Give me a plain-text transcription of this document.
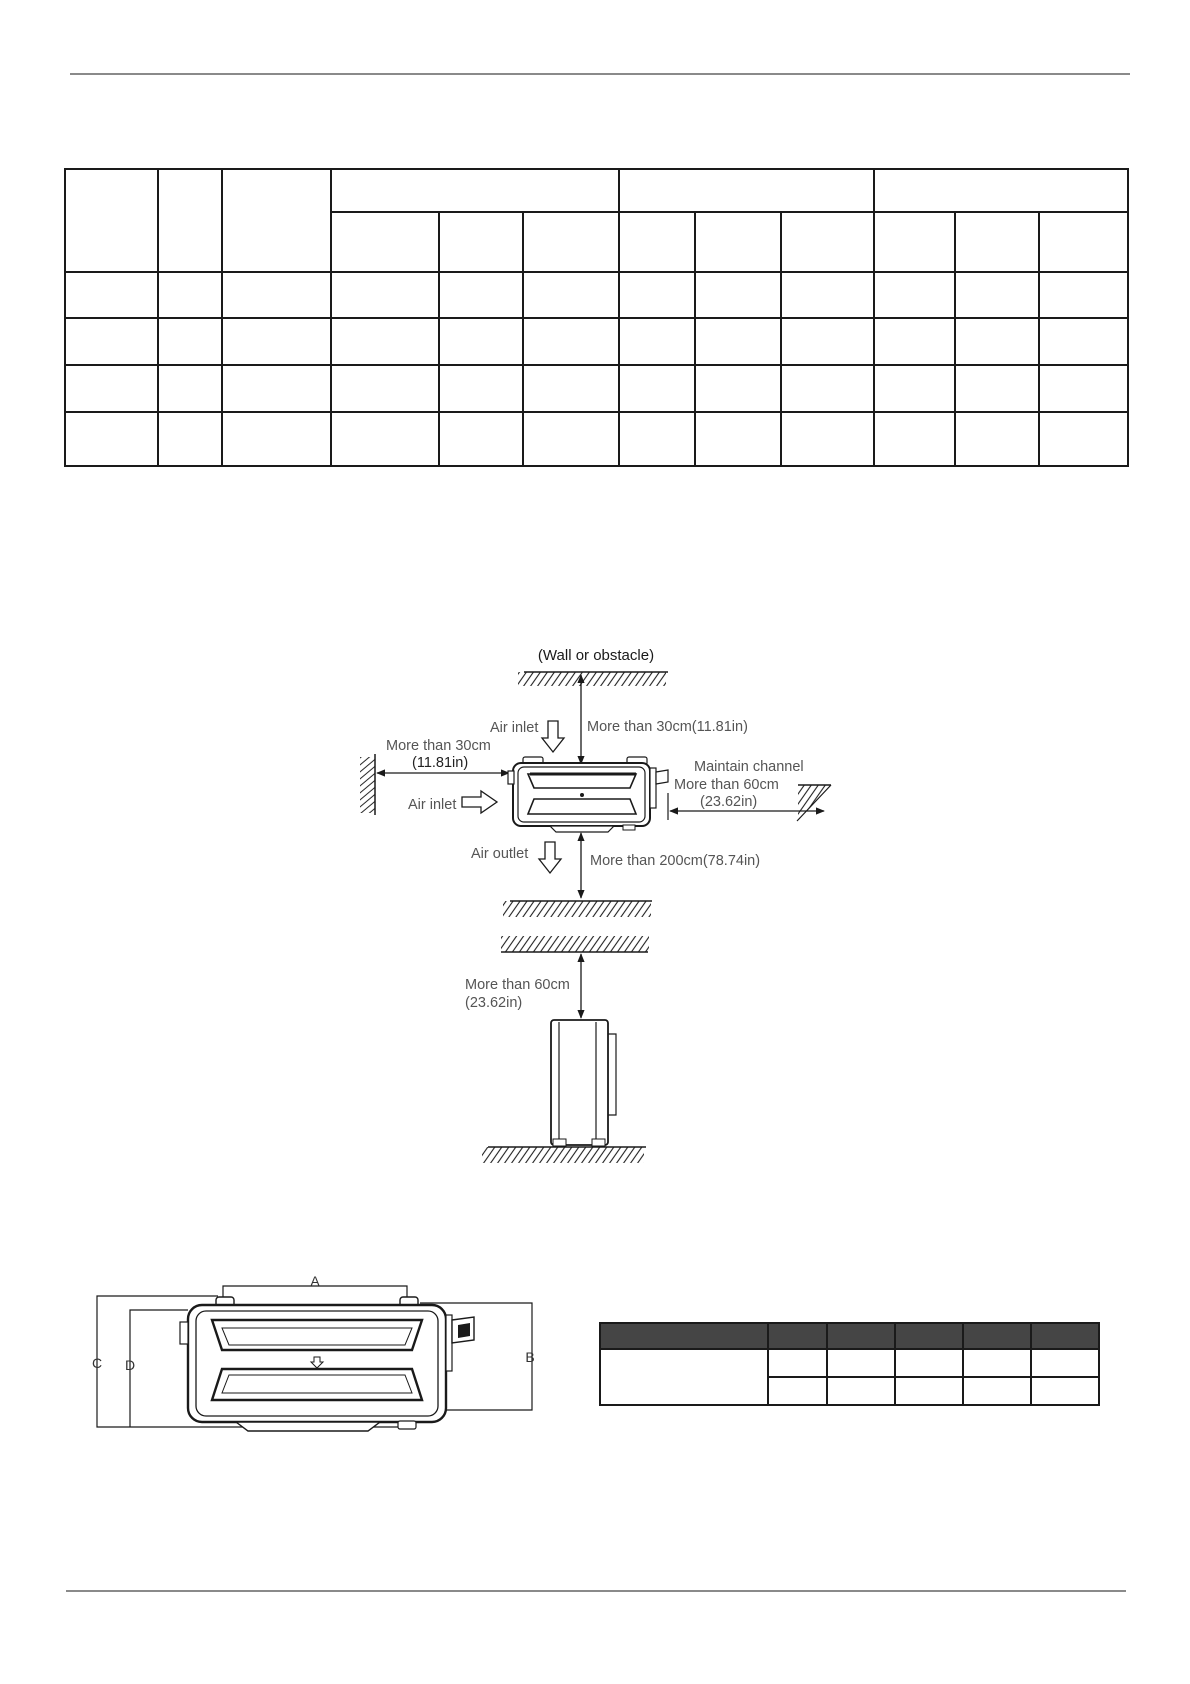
(Wall or obstacle)
More than 30cm(11.81in)
Air inlet
More than 30cm
(11.81in)
Air inlet
Maintain channel
More than 60cm
(23.62in)
Air outlet	More than 200cm(78.74in)
More than 60cm
(23.62in)
A
B
C D
